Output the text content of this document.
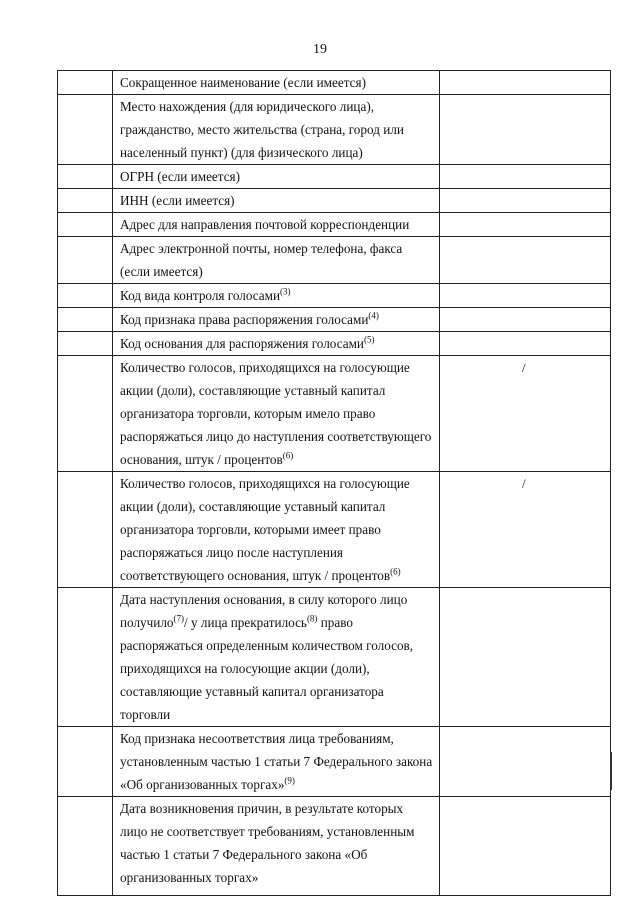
19
	Сокращенное наименование (если имеется)	
	Место нахождения (для юридического лица), гражданство, место жительства (страна, город или населенный пункт) (для физического лица)	
	ОГРН (если имеется)	
	ИНН (если имеется)	
	Адрес для направления почтовой корреспонденции	
	Адрес электронной почты, номер телефона, факса (если имеется)	
	Код вида контроля голосами$^{(3)}$	
	Код признака права распоряжения голосами$^{(4)}$	
	Код основания для распоряжения голосами$^{(5)}$	
	Количество голосов, приходящихся на голосующие акции (доли), составляющие уставный капитал организатора торговли, которым имело право распоряжаться лицо до наступления соответствующего основания, штук / процентов$^{(6)}$	/

	Количество голосов, приходящихся на голосующие акции (доли), составляющие уставный капитал организатора торговли, которыми имеет право распоряжаться лицо после наступления соответствующего основания, штук / процентов$^{(6)}$	/

	Дата наступления основания, в силу которого лицо получило$^{(7)}$/ у лица прекратилось$^{(8)}$ право распоряжаться определенным количеством голосов, приходящихся на голосующие акции (доли), составляющие уставный капитал организатора торговли	
	Код признака несоответствия лица требованиям, установленным частью 1 статьи 7 Федерального закона «Об организованных торгах»$^{(9)}$	
	Дата возникновения причин, в результате которых лицо не соответствует требованиям, установленным частью 1 статьи 7 Федерального закона «Об организованных торгах»	
